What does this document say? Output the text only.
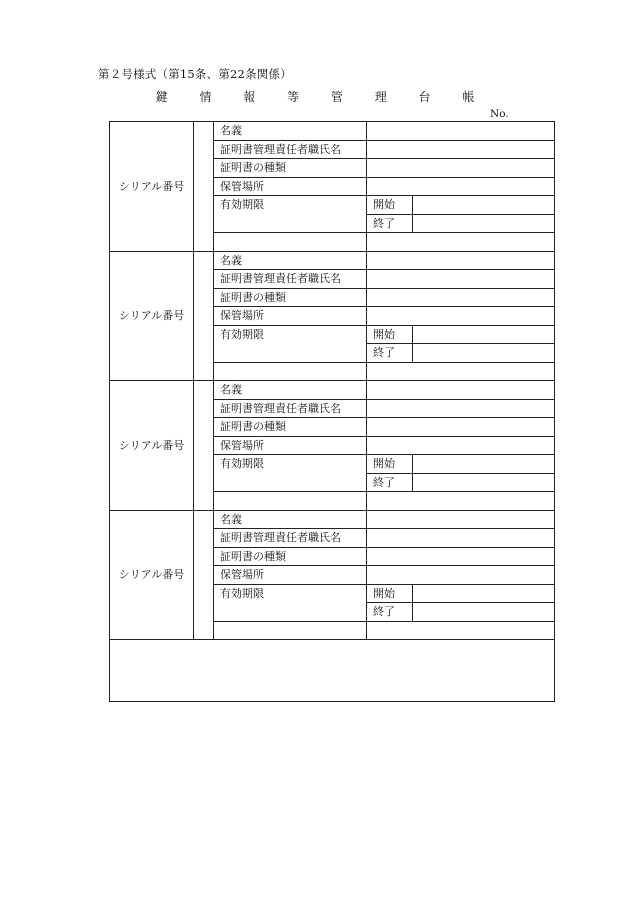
第２号様式（第15条、第22条関係）
鍵 情 報 等 管 理 台 帳
No.
シリアル番号		名義		
		証明書管理責任者職氏名		
		証明書の種類		
		保管場所		
		有効期限	開始	
			終了	

シリアル番号		名義		
		証明書管理責任者職氏名		
		証明書の種類		
		保管場所		
		有効期限	開始	
			終了	

シリアル番号		名義		
		証明書管理責任者職氏名		
		証明書の種類		
		保管場所		
		有効期限	開始	
			終了	

シリアル番号		名義		
		証明書管理責任者職氏名		
		証明書の種類		
		保管場所		
		有効期限	開始	
			終了	
